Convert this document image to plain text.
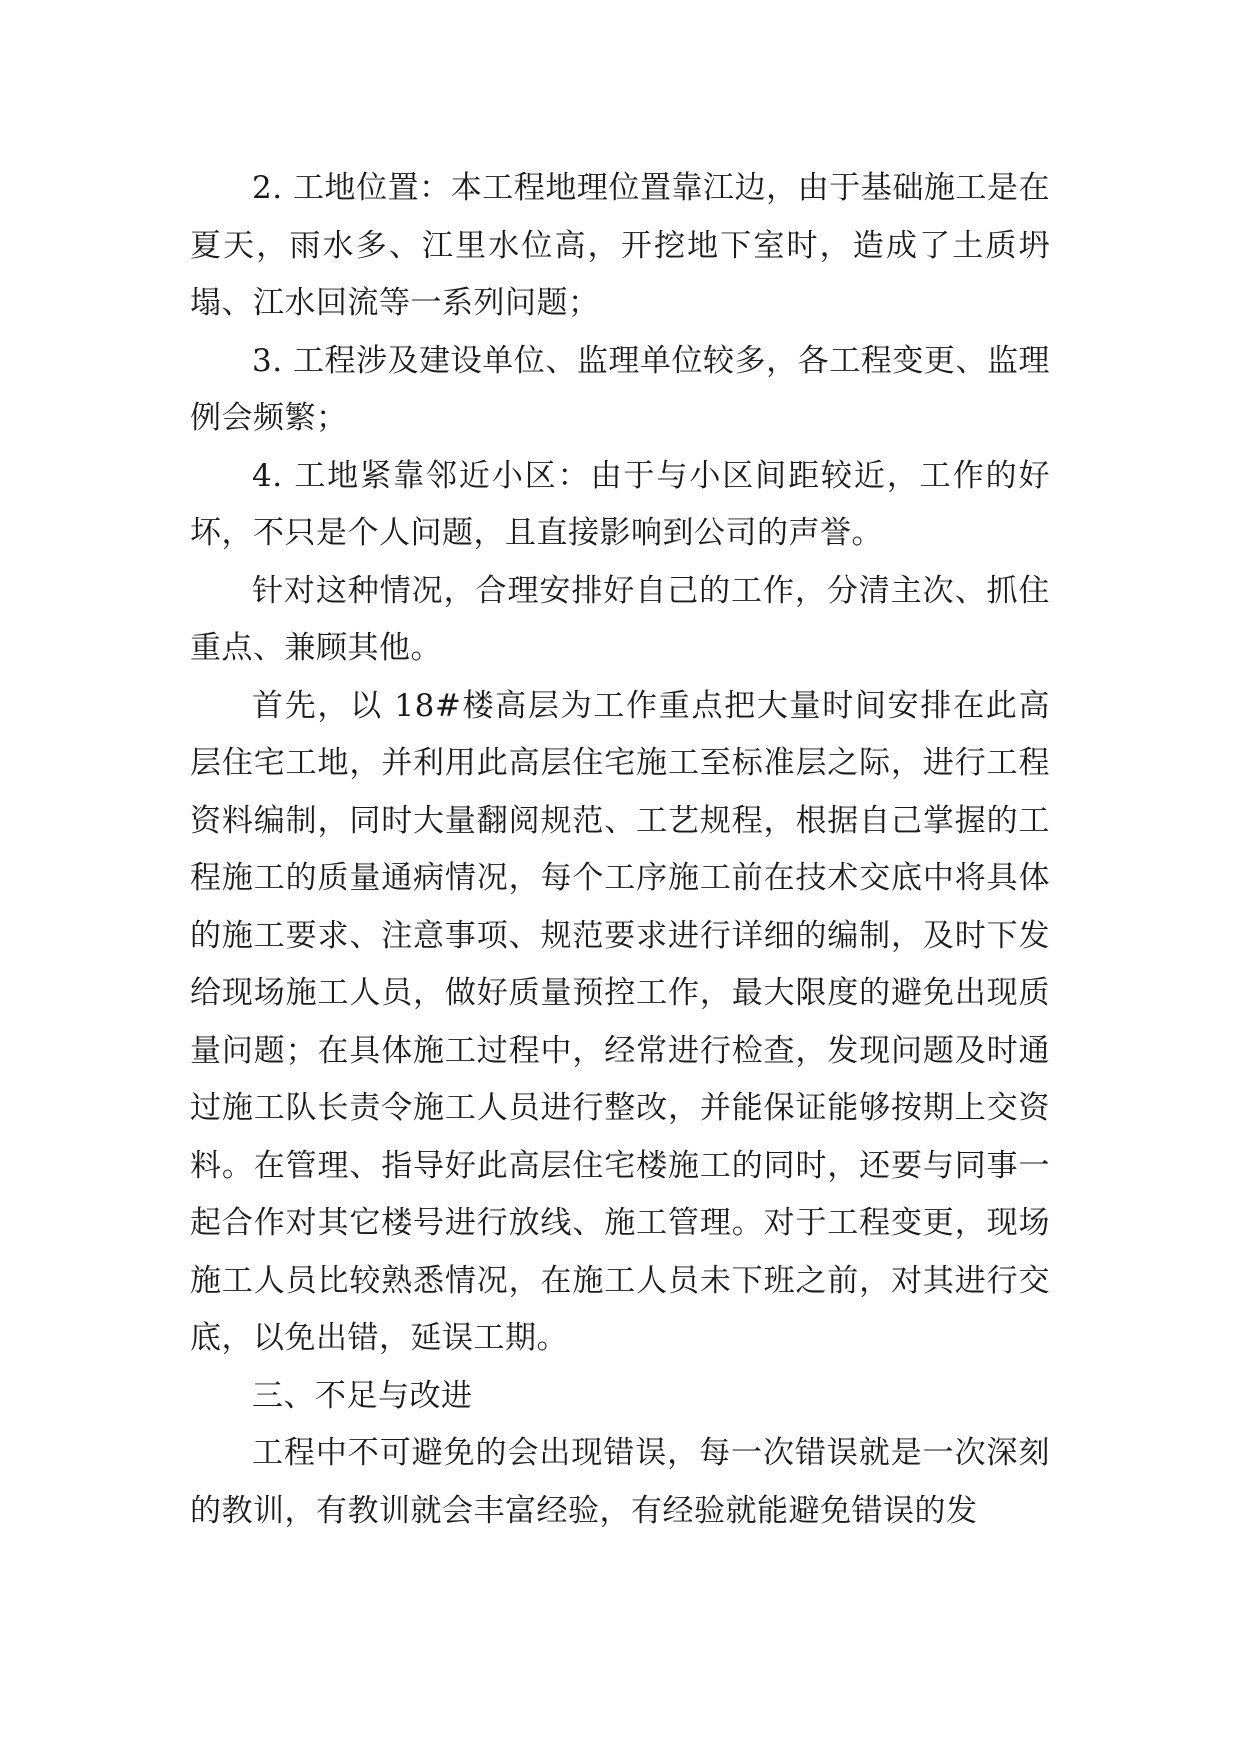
2. 工地位置：本工程地理位置靠江边，由于基础施工是在夏天，雨水多、江里水位高，开挖地下室时，造成了土质坍塌、江水回流等一系列问题；

3. 工程涉及建设单位、监理单位较多，各工程变更、监理例会频繁；

4. 工地紧靠邻近小区：由于与小区间距较近，工作的好坏，不只是个人问题，且直接影响到公司的声誉。

针对这种情况，合理安排好自己的工作，分清主次、抓住重点、兼顾其他。

首先，以 18#楼高层为工作重点把大量时间安排在此高层住宅工地，并利用此高层住宅施工至标准层之际，进行工程资料编制，同时大量翻阅规范、工艺规程，根据自己掌握的工程施工的质量通病情况，每个工序施工前在技术交底中将具体的施工要求、注意事项、规范要求进行详细的编制，及时下发给现场施工人员，做好质量预控工作，最大限度的避免出现质量问题；在具体施工过程中，经常进行检查，发现问题及时通过施工队长责令施工人员进行整改，并能保证能够按期上交资料。在管理、指导好此高层住宅楼施工的同时，还要与同事一起合作对其它楼号进行放线、施工管理。对于工程变更，现场施工人员比较熟悉情况，在施工人员未下班之前，对其进行交底，以免出错，延误工期。

三、不足与改进

工程中不可避免的会出现错误，每一次错误就是一次深刻的教训，有教训就会丰富经验，有经验就能避免错误的发
